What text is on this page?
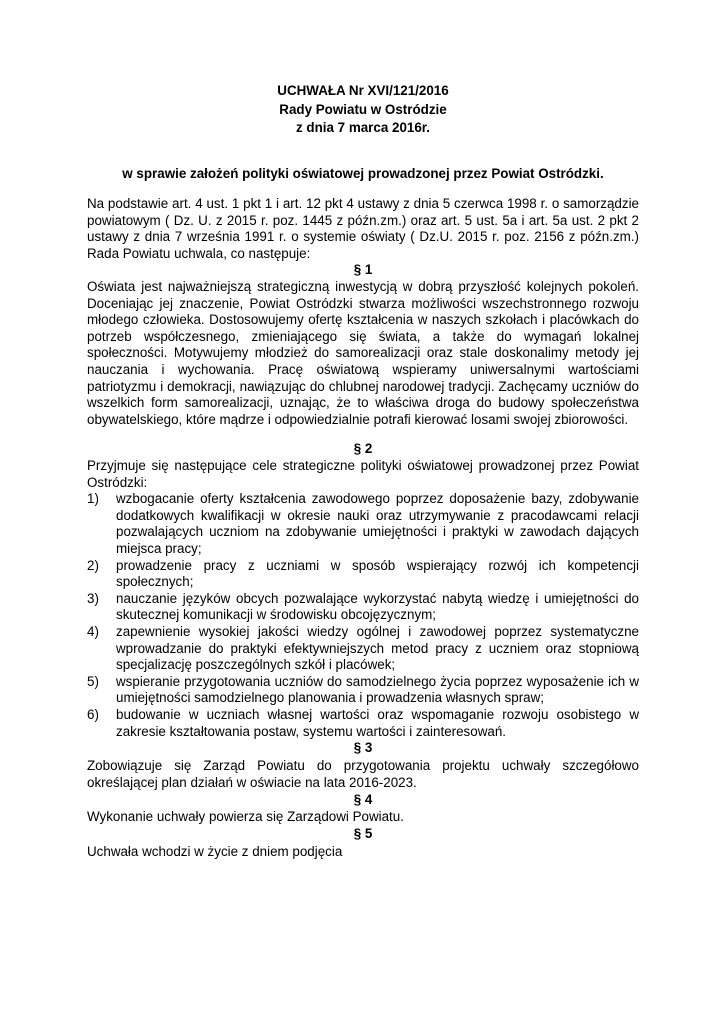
UCHWAŁA Nr XVI/121/2016
Rady Powiatu w Ostródzie
z dnia 7 marca 2016r.
w sprawie założeń polityki oświatowej prowadzonej przez Powiat Ostródzki.

Na podstawie art. 4 ust. 1 pkt 1 i art. 12 pkt 4 ustawy z dnia 5 czerwca 1998 r. o samorządzie powiatowym ( Dz. U. z 2015 r. poz. 1445 z późn.zm.) oraz art. 5 ust. 5a i art. 5a ust. 2 pkt 2 ustawy z dnia 7 września 1991 r. o systemie oświaty ( Dz.U. 2015 r. poz. 2156 z późn.zm.) Rada Powiatu uchwala, co następuje:

§ 1

Oświata jest najważniejszą strategiczną inwestycją w dobrą przyszłość kolejnych pokoleń. Doceniając jej znaczenie, Powiat Ostródzki stwarza możliwości wszechstronnego rozwoju młodego człowieka. Dostosowujemy ofertę kształcenia w naszych szkołach i placówkach do potrzeb współczesnego, zmieniającego się świata, a także do wymagań lokalnej społeczności. Motywujemy młodzież do samorealizacji oraz stale doskonalimy metody jej nauczania i wychowania. Pracę oświatową wspieramy uniwersalnymi wartościami patriotyzmu i demokracji, nawiązując do chlubnej narodowej tradycji. Zachęcamy uczniów do wszelkich form samorealizacji, uznając, że to właściwa droga do budowy społeczeństwa obywatelskiego, które mądrze i odpowiedzialnie potrafi kierować losami swojej zbiorowości.

§ 2

Przyjmuje się następujące cele strategiczne polityki oświatowej prowadzonej przez Powiat Ostródzki:

1) wzbogacanie oferty kształcenia zawodowego poprzez doposażenie bazy, zdobywanie dodatkowych kwalifikacji w okresie nauki oraz utrzymywanie z pracodawcami relacji pozwalających uczniom na zdobywanie umiejętności i praktyki w zawodach dających miejsca pracy;
2) prowadzenie pracy z uczniami w sposób wspierający rozwój ich kompetencji społecznych;
3) nauczanie języków obcych pozwalające wykorzystać nabytą wiedzę i umiejętności do skutecznej komunikacji w środowisku obcojęzycznym;
4) zapewnienie wysokiej jakości wiedzy ogólnej i zawodowej poprzez systematyczne wprowadzanie do praktyki efektywniejszych metod pracy z uczniem oraz stopniową specjalizację poszczególnych szkół i placówek;
5) wspieranie przygotowania uczniów do samodzielnego życia poprzez wyposażenie ich w umiejętności samodzielnego planowania i prowadzenia własnych spraw;
6) budowanie w uczniach własnej wartości oraz wspomaganie rozwoju osobistego w zakresie kształtowania postaw, systemu wartości i zainteresowań.
§ 3

Zobowiązuje się Zarząd Powiatu do przygotowania projektu uchwały szczegółowo określającej plan działań w oświacie na lata 2016-2023.

§ 4

Wykonanie uchwały powierza się Zarządowi Powiatu.

§ 5

Uchwała wchodzi w życie z dniem podjęcia
